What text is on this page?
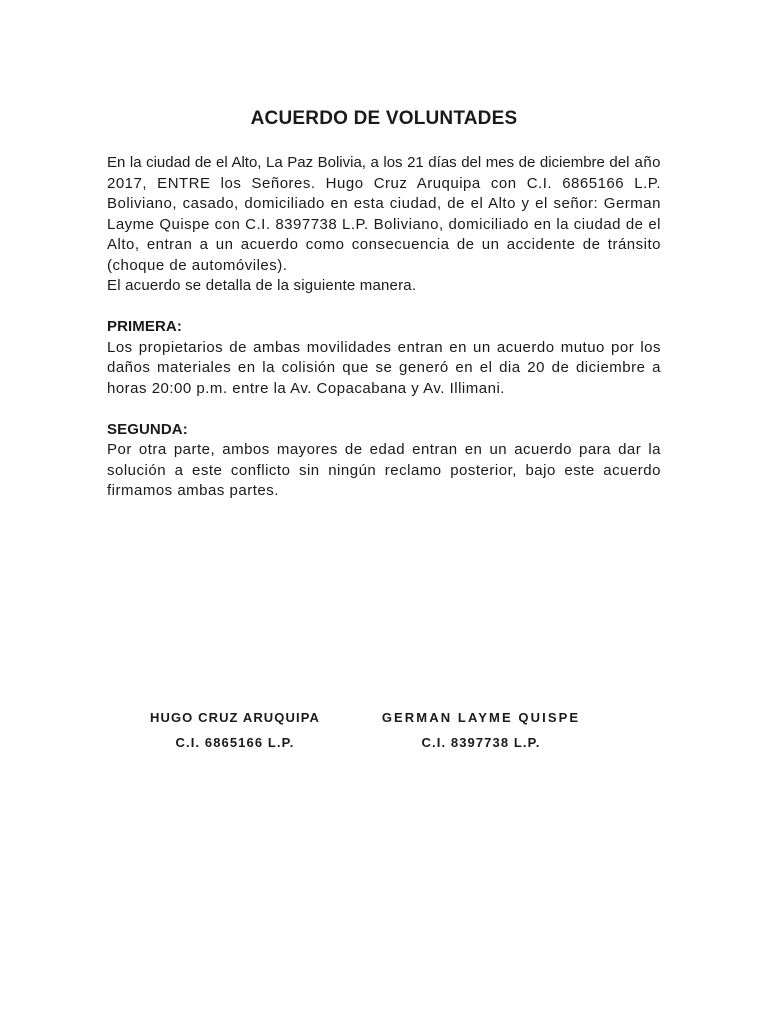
ACUERDO DE VOLUNTADES

En la ciudad de el Alto, La Paz Bolivia, a los 21 días del mes de diciembre del año 2017, ENTRE los Señores. Hugo Cruz Aruquipa con C.I. 6865166 L.P. Boliviano, casado, domiciliado en esta ciudad, de el Alto y el señor: German Layme Quispe con C.I. 8397738 L.P. Boliviano, domiciliado en la ciudad de el Alto, entran a un acuerdo como consecuencia de un accidente de tránsito (choque de automóviles).

El acuerdo se detalla de la siguiente manera.

PRIMERA:

Los propietarios de ambas movilidades entran en un acuerdo mutuo por los daños materiales en la colisión que se generó en el dia 20 de diciembre a horas 20:00 p.m. entre la Av. Copacabana y Av. Illimani.

SEGUNDA:

Por otra parte, ambos mayores de edad entran en un acuerdo para dar la solución a este conflicto sin ningún reclamo posterior, bajo este acuerdo firmamos ambas partes.

HUGO CRUZ ARUQUIPA

C.I. 6865166 L.P.

GERMAN LAYME QUISPE

C.I. 8397738 L.P.
